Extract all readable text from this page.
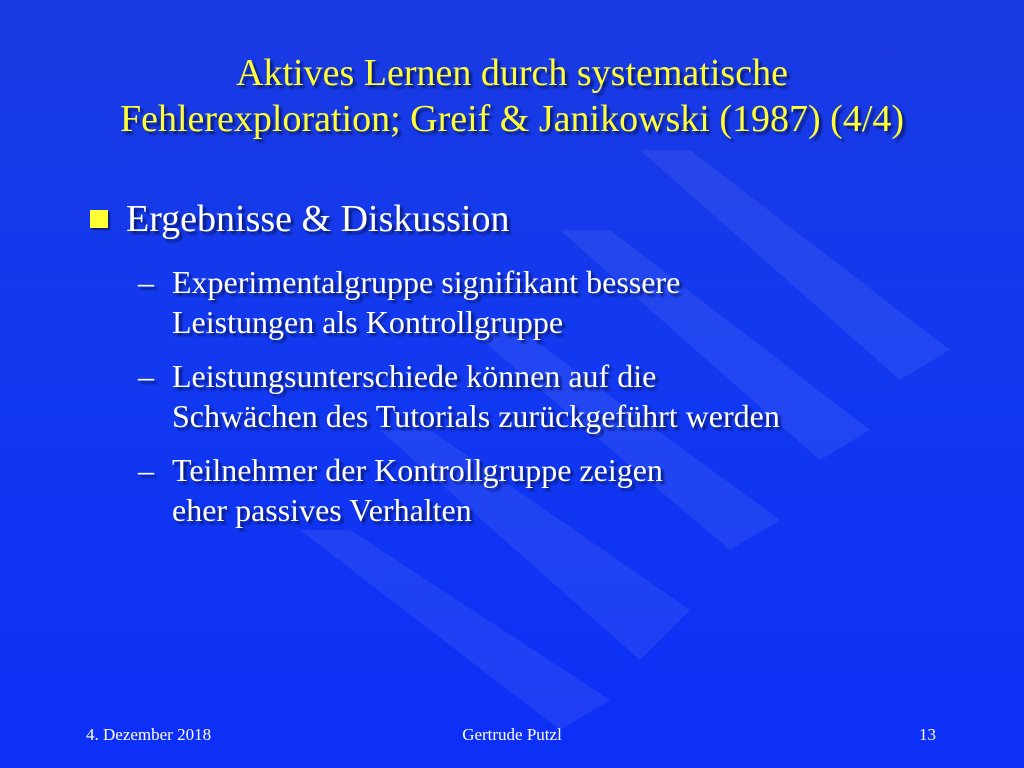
Aktives Lernen durch systematische
Fehlerexploration; Greif & Janikowski (1987) (4/4)
Ergebnisse & Diskussion
– Experimentalgruppe signifikant bessere
Leistungen als Kontrollgruppe
– Leistungsunterschiede können auf die
Schwächen des Tutorials zurückgeführt werden
– Teilnehmer der Kontrollgruppe zeigen
eher passives Verhalten
4. Dezember 2018	Gertrude Putzl	13
